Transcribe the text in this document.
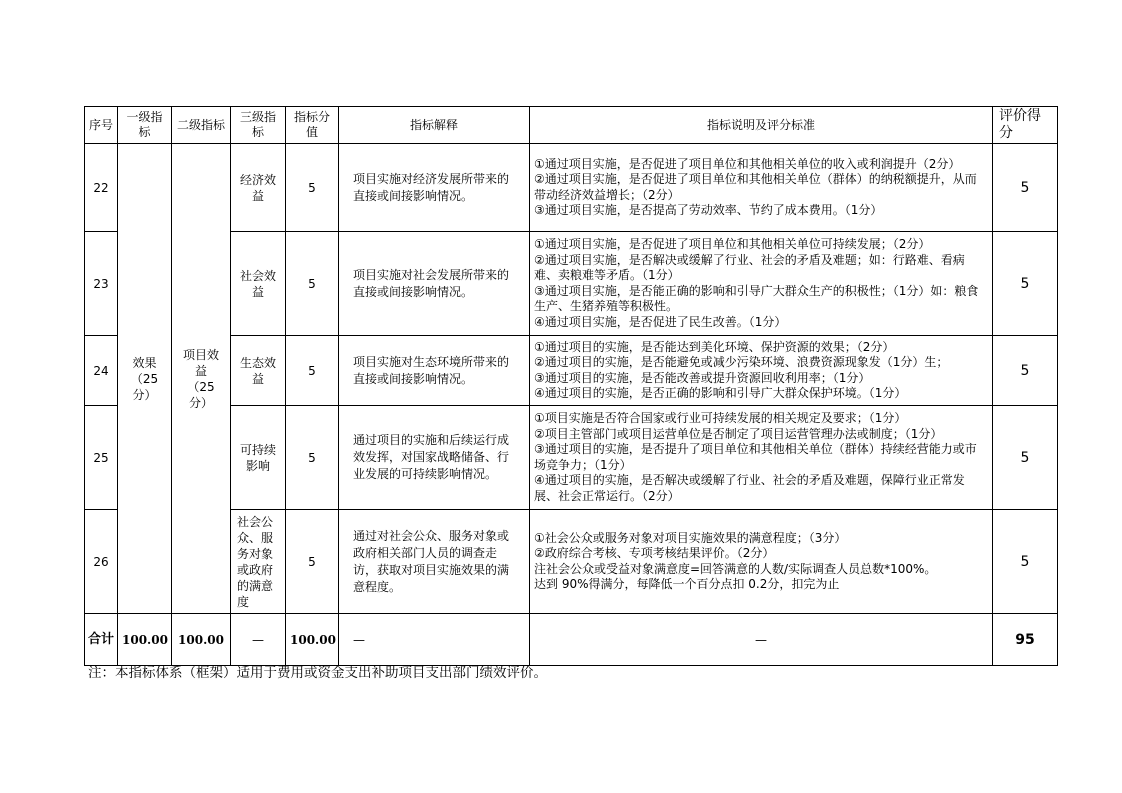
序号	一级指标	二级指标	三级指标	指标分值	指标解释	指标说明及评分标准	评价得分
22	效果（25分）	项目效益（25分）	经济效益	5	项目实施对经济发展所带来的直接或间接影响情况。	①通过项目实施，是否促进了项目单位和其他相关单位的收入或利润提升（2分）
②通过项目实施，是否促进了项目单位和其他相关单位（群体）的纳税额提升，从而带动经济效益增长；（2分）
③通过项目实施，是否提高了劳动效率、节约了成本费用。（1分）	5
23			社会效益	5	项目实施对社会发展所带来的直接或间接影响情况。	①通过项目实施，是否促进了项目单位和其他相关单位可持续发展；（2分）
②通过项目实施，是否解决或缓解了行业、社会的矛盾及难题；如：行路难、看病难、卖粮难等矛盾。（1分）
③通过项目实施，是否能正确的影响和引导广大群众生产的积极性；（1分）如：粮食生产、生猪养殖等积极性。
④通过项目实施，是否促进了民生改善。（1分）	5
24			生态效益	5	项目实施对生态环境所带来的直接或间接影响情况。	①通过项目的实施，是否能达到美化环境、保护资源的效果；（2分）
②通过项目的实施，是否能避免或减少污染环境、浪费资源现象发（1分）生；
③通过项目的实施，是否能改善或提升资源回收利用率；（1分）
④通过项目的实施，是否正确的影响和引导广大群众保护环境。（1分）	5
25			可持续影响	5	通过项目的实施和后续运行成效发挥，对国家战略储备、行业发展的可持续影响情况。	①项目实施是否符合国家或行业可持续发展的相关规定及要求；（1分）
②项目主管部门或项目运营单位是否制定了项目运营管理办法或制度；（1分）
③通过项目的实施，是否提升了项目单位和其他相关单位（群体）持续经营能力或市场竞争力；（1分）
④通过项目的实施，是否解决或缓解了行业、社会的矛盾及难题，保障行业正常发展、社会正常运行。（2分）	5
26			社会公众、服务对象或政府的满意度	5	通过对社会公众、服务对象或政府相关部门人员的调查走访，获取对项目实施效果的满意程度。	①社会公众或服务对象对项目实施效果的满意程度；（3分）
②政府综合考核、专项考核结果评价。（2分）
注社会公众或受益对象满意度=回答满意的人数/实际调查人员总数*100%。
达到 90%得满分，每降低一个百分点扣 0.2分，扣完为止	5
合计	100.00	100.00	—	100.00	—	—	95
注：本指标体系（框架）适用于费用或资金支出补助项目支出部门绩效评价。
